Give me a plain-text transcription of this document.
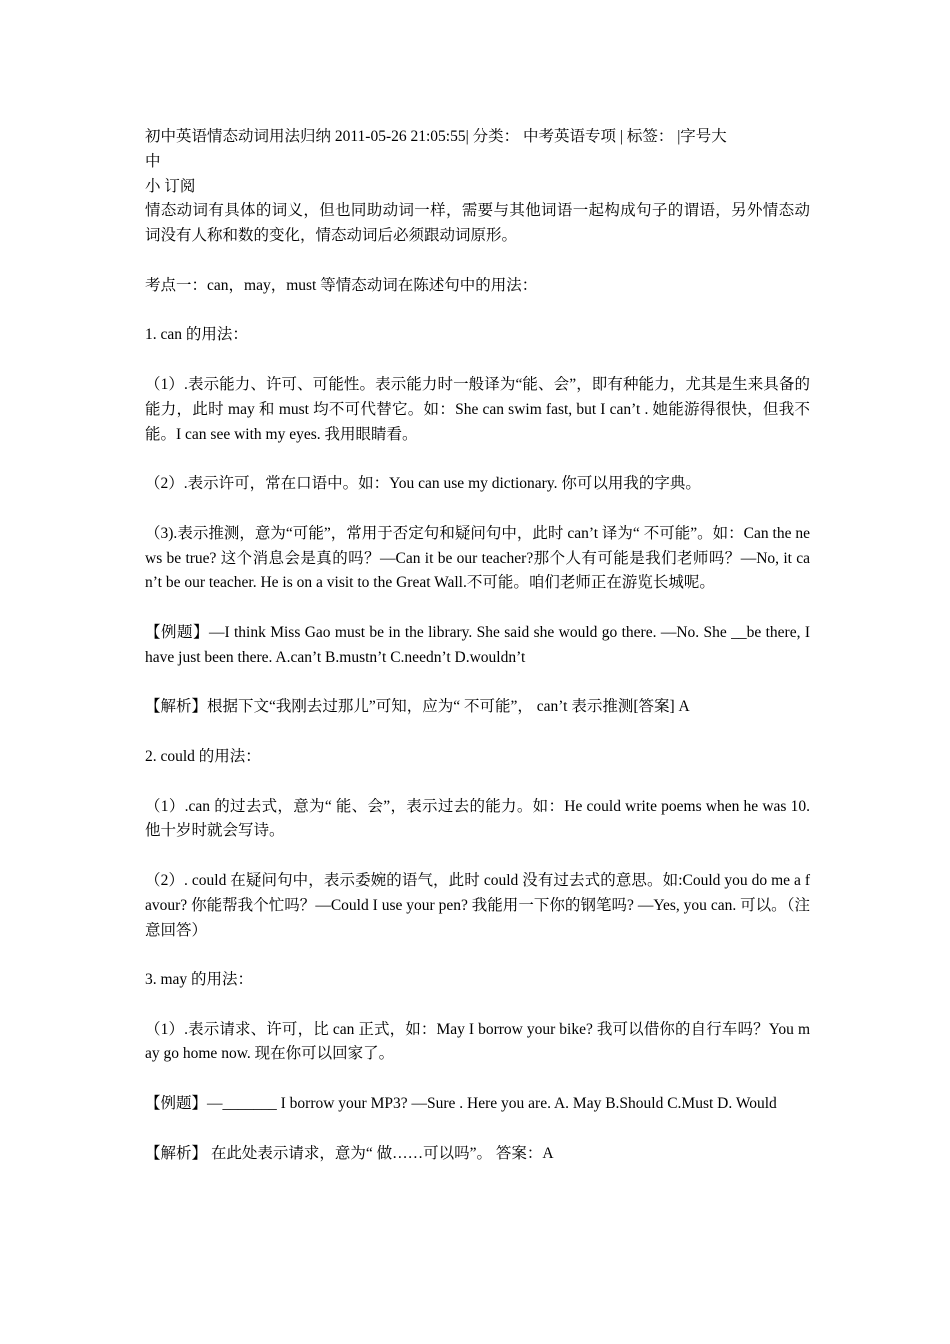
初中英语情态动词用法归纳 2011-05-26 21:05:55| 分类： 中考英语专项 | 标签： |字号大

中

小 订阅

情态动词有具体的词义，但也同助动词一样，需要与其他词语一起构成句子的谓语，另外情态动词没有人称和数的变化，情态动词后必须跟动词原形。

考点一：can，may，must 等情态动词在陈述句中的用法：

1. can 的用法：

（1）.表示能力、许可、可能性。表示能力时一般译为“能、会”，即有种能力，尤其是生来具备的能力，此时 may 和 must 均不可代替它。如：She can swim fast, but I can’t . 她能游得很快，但我不能。I can see with my eyes. 我用眼睛看。

（2）.表示许可，常在口语中。如：You can use my dictionary. 你可以用我的字典。

（3).表示推测，意为“可能”，常用于否定句和疑问句中，此时 can’t 译为“ 不可能”。如：Can the news be true? 这个消息会是真的吗？—Can it be our teacher?那个人有可能是我们老师吗？—No, it can’t be our teacher. He is on a visit to the Great Wall.不可能。咱们老师正在游览长城呢。

【例题】—I think Miss Gao must be in the library. She said she would go there. —No. She __be there, I have just been there. A.can’t B.mustn’t C.needn’t D.wouldn’t

【解析】根据下文“我刚去过那儿”可知，应为“ 不可能”， can’t 表示推测[答案] A

2. could 的用法：

（1）.can 的过去式，意为“ 能、会”，表示过去的能力。如：He could write poems when he was 10. 他十岁时就会写诗。

（2）. could 在疑问句中，表示委婉的语气，此时 could 没有过去式的意思。如:Could you do me a favour? 你能帮我个忙吗？—Could I use your pen? 我能用一下你的钢笔吗? —Yes, you can. 可以。（注意回答）

3. may 的用法：

（1）.表示请求、许可，比 can 正式，如：May I borrow your bike? 我可以借你的自行车吗？You may go home now. 现在你可以回家了。

【例题】—_______ I borrow your MP3? —Sure . Here you are. A. May B.Should C.Must D. Would

【解析】 在此处表示请求，意为“ 做……可以吗”。 答案：A
